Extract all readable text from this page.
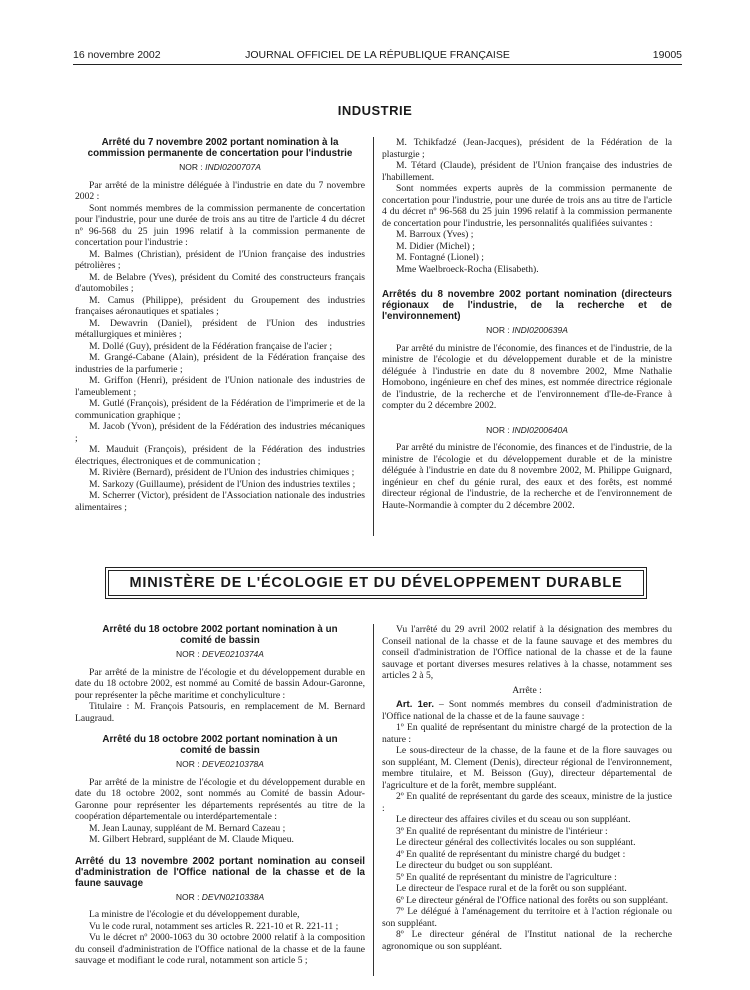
16 novembre 2002	JOURNAL OFFICIEL DE LA RÉPUBLIQUE FRANÇAISE	19005
INDUSTRIE
Arrêté du 7 novembre 2002 portant nomination à la commission permanente de concertation pour l'industrie
NOR : INDI0200707A

Par arrêté de la ministre déléguée à l'industrie en date du 7 novembre 2002 :

Sont nommés membres de la commission permanente de concertation pour l'industrie, pour une durée de trois ans au titre de l'article 4 du décret nº 96-568 du 25 juin 1996 relatif à la commission permanente de concertation pour l'industrie :

M. Balmes (Christian), président de l'Union française des industries pétrolières ;

M. de Belabre (Yves), président du Comité des constructeurs français d'automobiles ;

M. Camus (Philippe), président du Groupement des industries françaises aéronautiques et spatiales ;

M. Dewavrin (Daniel), président de l'Union des industries métallurgiques et minières ;

M. Dollé (Guy), président de la Fédération française de l'acier ;

M. Grangé-Cabane (Alain), président de la Fédération française des industries de la parfumerie ;

M. Griffon (Henri), président de l'Union nationale des industries de l'ameublement ;

M. Gutlé (François), président de la Fédération de l'imprimerie et de la communication graphique ;

M. Jacob (Yvon), président de la Fédération des industries mécaniques ;

M. Mauduit (François), président de la Fédération des industries électriques, électroniques et de communication ;

M. Rivière (Bernard), président de l'Union des industries chimiques ;

M. Sarkozy (Guillaume), président de l'Union des industries textiles ;

M. Scherrer (Victor), président de l'Association nationale des industries alimentaires ;

M. Tchikfadzé (Jean-Jacques), président de la Fédération de la plasturgie ;

M. Tétard (Claude), président de l'Union française des industries de l'habillement.

Sont nommées experts auprès de la commission permanente de concertation pour l'industrie, pour une durée de trois ans au titre de l'article 4 du décret nº 96-568 du 25 juin 1996 relatif à la commission permanente de concertation pour l'industrie, les personnalités qualifiées suivantes :

M. Barroux (Yves) ;

M. Didier (Michel) ;

M. Fontagné (Lionel) ;

Mme Waelbroeck-Rocha (Elisabeth).

Arrêtés du 8 novembre 2002 portant nomination (directeurs régionaux de l'industrie, de la recherche et de l'environnement)
NOR : INDI0200639A

Par arrêté du ministre de l'économie, des finances et de l'industrie, de la ministre de l'écologie et du développement durable et de la ministre déléguée à l'industrie en date du 8 novembre 2002, Mme Nathalie Homobono, ingénieure en chef des mines, est nommée directrice régionale de l'industrie, de la recherche et de l'environnement d'Ile-de-France à compter du 2 décembre 2002.

NOR : INDI0200640A

Par arrêté du ministre de l'économie, des finances et de l'industrie, de la ministre de l'écologie et du développement durable et de la ministre déléguée à l'industrie en date du 8 novembre 2002, M. Philippe Guignard, ingénieur en chef du génie rural, des eaux et des forêts, est nommé directeur régional de l'industrie, de la recherche et de l'environnement de Haute-Normandie à compter du 2 décembre 2002.

MINISTÈRE DE L'ÉCOLOGIE ET DU DÉVELOPPEMENT DURABLE
Arrêté du 18 octobre 2002 portant nomination à un comité de bassin
NOR : DEVE0210374A

Par arrêté de la ministre de l'écologie et du développement durable en date du 18 octobre 2002, est nommé au Comité de bassin Adour-Garonne, pour représenter la pêche maritime et conchyliculture :

Titulaire : M. François Patsouris, en remplacement de M. Bernard Laugraud.

Arrêté du 18 octobre 2002 portant nomination à un comité de bassin
NOR : DEVE0210378A

Par arrêté de la ministre de l'écologie et du développement durable en date du 18 octobre 2002, sont nommés au Comité de bassin Adour-Garonne pour représenter les départements représentés au titre de la coopération départementale ou interdépartementale :

M. Jean Launay, suppléant de M. Bernard Cazeau ;

M. Gilbert Hebrard, suppléant de M. Claude Miqueu.

Arrêté du 13 novembre 2002 portant nomination au conseil d'administration de l'Office national de la chasse et de la faune sauvage
NOR : DEVN0210338A

La ministre de l'écologie et du développement durable,

Vu le code rural, notamment ses articles R. 221-10 et R. 221-11 ;

Vu le décret nº 2000-1063 du 30 octobre 2000 relatif à la composition du conseil d'administration de l'Office national de la chasse et de la faune sauvage et modifiant le code rural, notamment son article 5 ;

Vu l'arrêté du 29 avril 2002 relatif à la désignation des membres du Conseil national de la chasse et de la faune sauvage et des membres du conseil d'administration de l'Office national de la chasse et de la faune sauvage et portant diverses mesures relatives à la chasse, notamment ses articles 2 à 5,

Arrête :

Art. 1er. – Sont nommés membres du conseil d'administration de l'Office national de la chasse et de la faune sauvage :

1º En qualité de représentant du ministre chargé de la protection de la nature :

Le sous-directeur de la chasse, de la faune et de la flore sauvages ou son suppléant, M. Clement (Denis), directeur régional de l'environnement, membre titulaire, et M. Beisson (Guy), directeur départemental de l'agriculture et de la forêt, membre suppléant.

2º En qualité de représentant du garde des sceaux, ministre de la justice :

Le directeur des affaires civiles et du sceau ou son suppléant.

3º En qualité de représentant du ministre de l'intérieur :

Le directeur général des collectivités locales ou son suppléant.

4º En qualité de représentant du ministre chargé du budget :

Le directeur du budget ou son suppléant.

5º En qualité de représentant du ministre de l'agriculture :

Le directeur de l'espace rural et de la forêt ou son suppléant.

6º Le directeur général de l'Office national des forêts ou son suppléant.

7º Le délégué à l'aménagement du territoire et à l'action régionale ou son suppléant.

8º Le directeur général de l'Institut national de la recherche agronomique ou son suppléant.
